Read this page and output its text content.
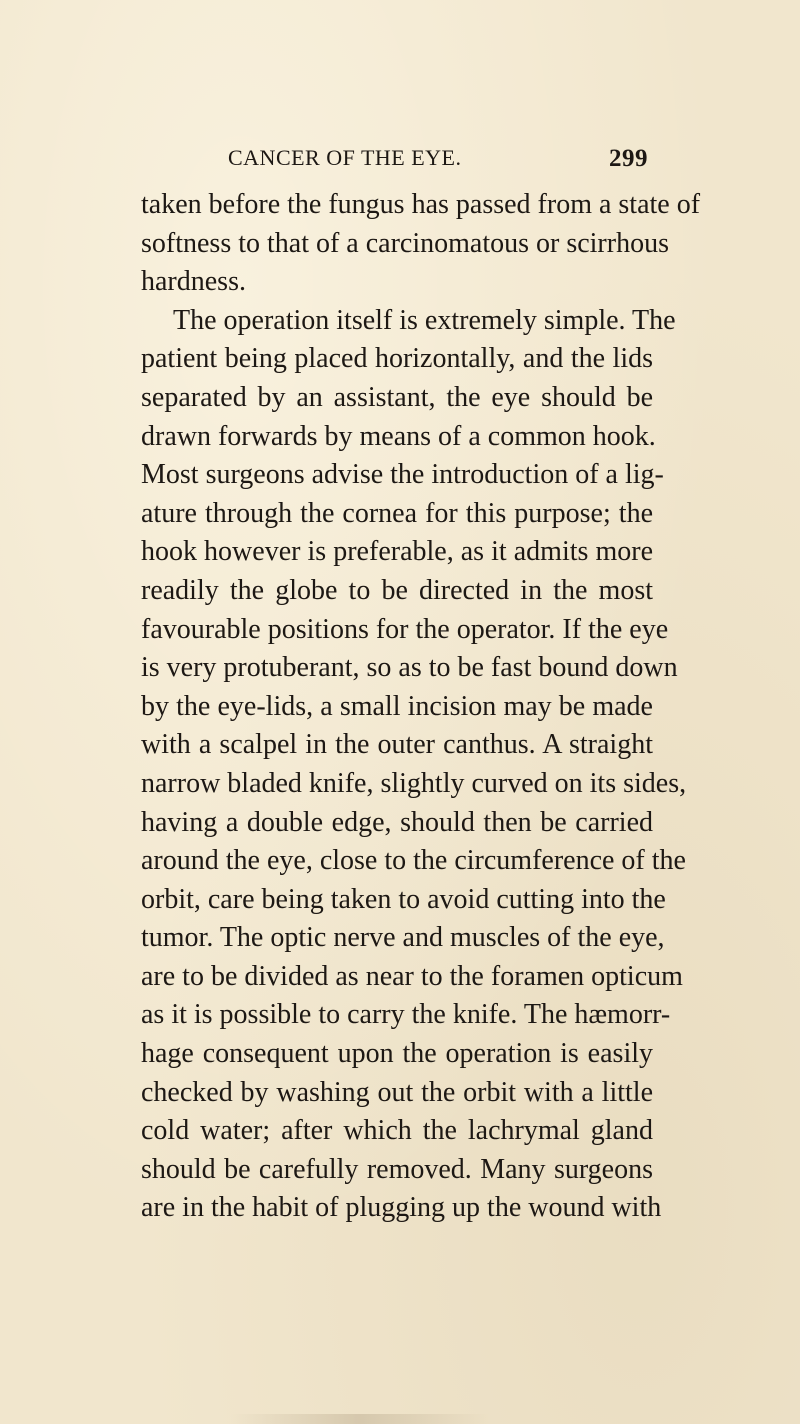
CANCER OF THE EYE.	299
taken before the fungus has passed from a state of
softness to that of a carcinomatous or scirrhous
hardness.
The operation itself is extremely simple. The
patient being placed horizontally, and the lids
separated by an assistant, the eye should be
drawn forwards by means of a common hook.
Most surgeons advise the introduction of a lig-
ature through the cornea for this purpose; the
hook however is preferable, as it admits more
readily the globe to be directed in the most
favourable positions for the operator. If the eye
is very protuberant, so as to be fast bound down
by the eye-lids, a small incision may be made
with a scalpel in the outer canthus. A straight
narrow bladed knife, slightly curved on its sides,
having a double edge, should then be carried
around the eye, close to the circumference of the
orbit, care being taken to avoid cutting into the
tumor. The optic nerve and muscles of the eye,
are to be divided as near to the foramen opticum
as it is possible to carry the knife. The hæmorr-
hage consequent upon the operation is easily
checked by washing out the orbit with a little
cold water; after which the lachrymal gland
should be carefully removed. Many surgeons
are in the habit of plugging up the wound with
